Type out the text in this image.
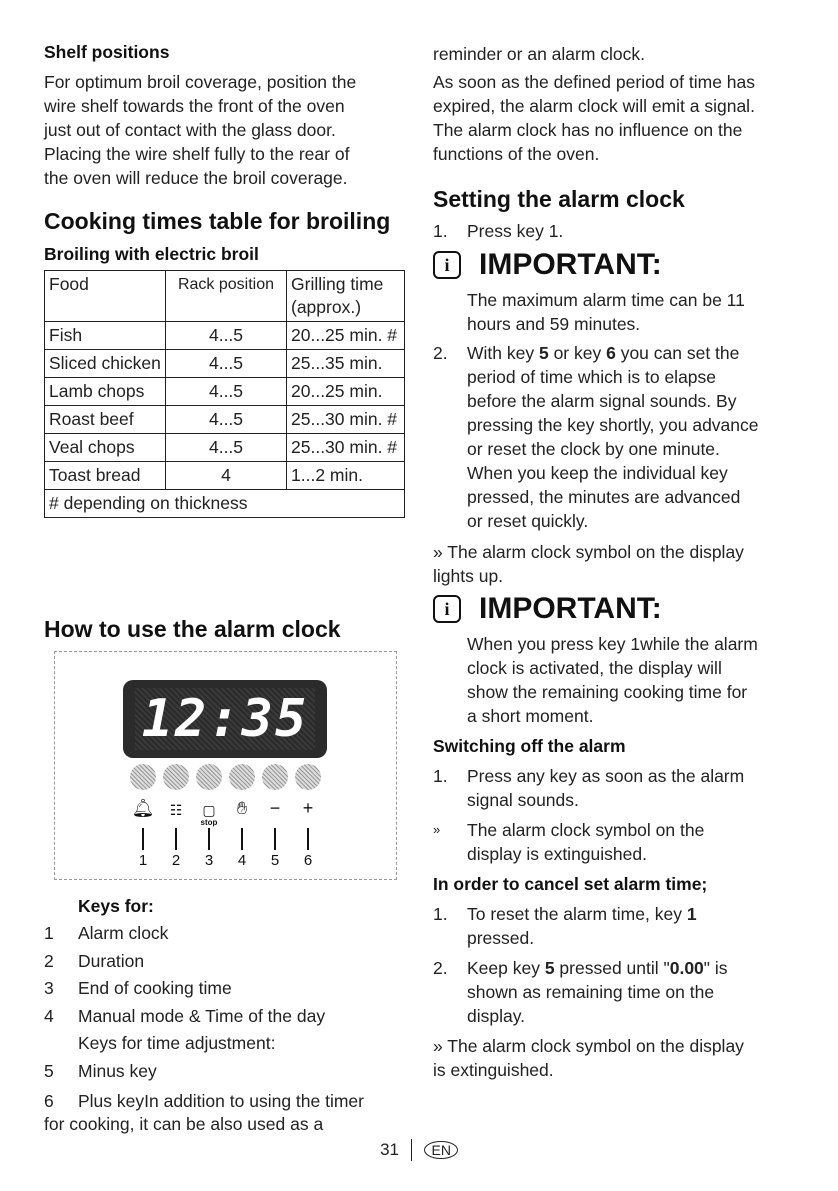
Shelf positions

For optimum broil coverage, position the

wire shelf towards the front of the oven

just out of contact with the glass door.

Placing the wire shelf fully to the rear of

the oven will reduce the broil coverage.

Cooking times table for broiling
Broiling with electric broil
Food	Rack position	Grilling time (approx.)
Fish	4...5	20...25 min. #
Sliced chicken	4...5	25...35 min.
Lamb chops	4...5	20...25 min.
Roast beef	4...5	25...30 min. #
Veal chops	4...5	25...30 min. #
Toast bread	4	1...2 min.
# depending on thickness		
How to use the alarm clock
12:35
🔔︎	☷	▢
stop
✋︎	−	+
1	2	3	4	5	6
Keys for:
1 Alarm clock
2 Duration
3 End of cooking time
4 Manual mode & Time of the day
Keys for time adjustment:
5 Minus key
6 Plus keyIn addition to using the timer
for cooking, it can be also used as a

reminder or an alarm clock.

As soon as the defined period of time has

expired, the alarm clock will emit a signal.

The alarm clock has no influence on the

functions of the oven.

Setting the alarm clock
1. Press key 1.
i IMPORTANT:

The maximum alarm time can be 11

hours and 59 minutes.

2. With key 5 or key 6 you can set the

period of time which is to elapse

before the alarm signal sounds. By

pressing the key shortly, you advance

or reset the clock by one minute.

When you keep the individual key

pressed, the minutes are advanced

or reset quickly.

» The alarm clock symbol on the display

lights up.

i IMPORTANT:

When you press key 1while the alarm

clock is activated, the display will

show the remaining cooking time for

a short moment.

Switching off the alarm
1. Press any key as soon as the alarm

signal sounds.

» The alarm clock symbol on the

display is extinguished.

In order to cancel set alarm time;
1. To reset the alarm time, key 1

pressed.

2. Keep key 5 pressed until "0.00" is

shown as remaining time on the

display.

» The alarm clock symbol on the display

is extinguished.

31	EN
